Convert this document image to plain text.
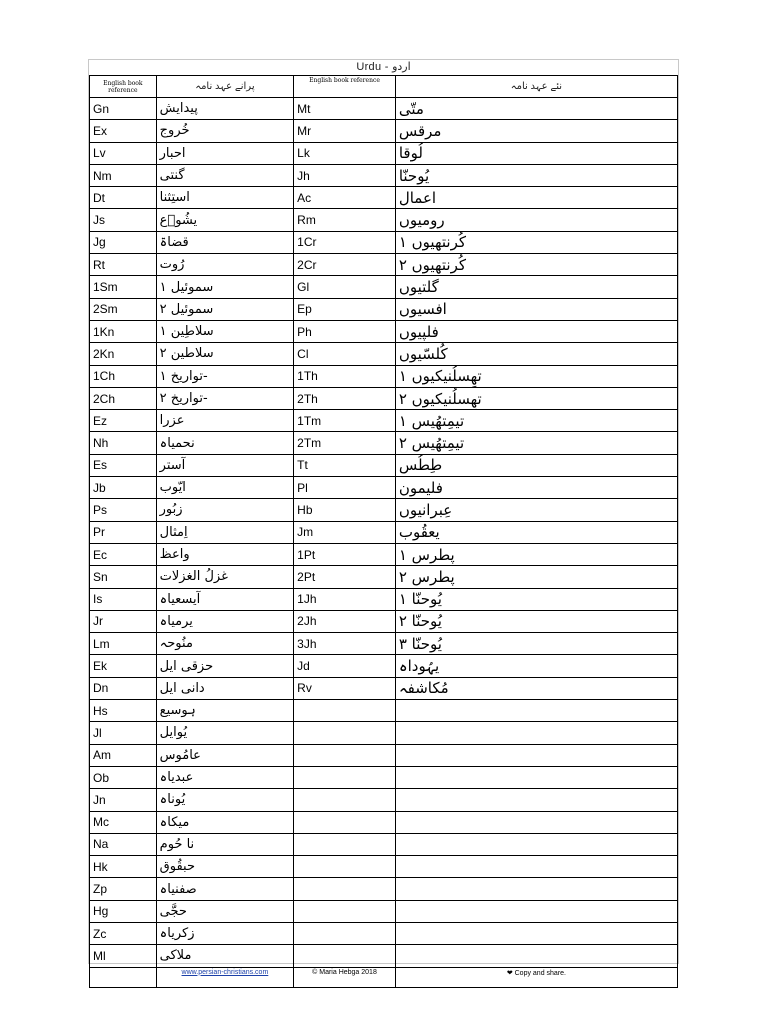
Urdu - اردو
English book reference	پرانے عہد نامہ	English book reference	نئے عہد نامہ
Gn	پیدایش	Mt	متّی
Ex	خُروج	Mr	مرقس
Lv	احبار	Lk	لُوقا
Nm	گنتی	Jh	یُوحنّا
Dt	استِثنا	Ac	اعمال
Js	یشُوؔع	Rm	رومیوں
Jg	قضاۃ	1Cr	کُرنتھیوں ۱
Rt	رُوت	2Cr	کُرنتھیوں ۲
1Sm	سموئیل ۱	Gl	گلتیوں
2Sm	سموئیل ۲	Ep	افسیوں
1Kn	سلاطِین ۱	Ph	فلپیوں
2Kn	سلاطین ۲	Cl	کُلسّیوں
1Ch	-تواریخ ۱	1Th	تھِسلُنیکیوں ۱
2Ch	-تواریخ ۲	2Th	تھِسلُنیکیوں ۲
Ez	عزرا	1Tm	تیمِتھُیس ۱
Nh	نحمیاہ	2Tm	تیمِتھُیس ۲
Es	آستر	Tt	طِطُس
Jb	ایّوب	Pl	فلیمون
Ps	زبُور	Hb	عِبرانیوں
Pr	اِمثال	Jm	یعقُوب
Ec	واعظ	1Pt	پطرس ۱
Sn	غزلُ الغزلات	2Pt	پطرس ۲
Is	آیسعیاہ	1Jh	یُوحنّا ۱
Jr	یرمیاہ	2Jh	یُوحنّا ۲
Lm	منُوحہ	3Jh	یُوحنّا ۳
Ek	حزقی ایل	Jd	یہُوداہ
Dn	دانی ایل	Rv	مُکاشفہ
Hs	ہوسیع		
Jl	یُوایل		
Am	عامُوس		
Ob	عبدیاہ		
Jn	یُوناہ		
Mc	میکاہ		
Na	نا حُوم		
Hk	حبقُوق		
Zp	صفنیاہ		
Hg	حجَّی		
Zc	زکریاہ		
Ml	ملاکی		
	www.persian-christians.com	© Maria Hebga 2018	❤ Copy and share.
